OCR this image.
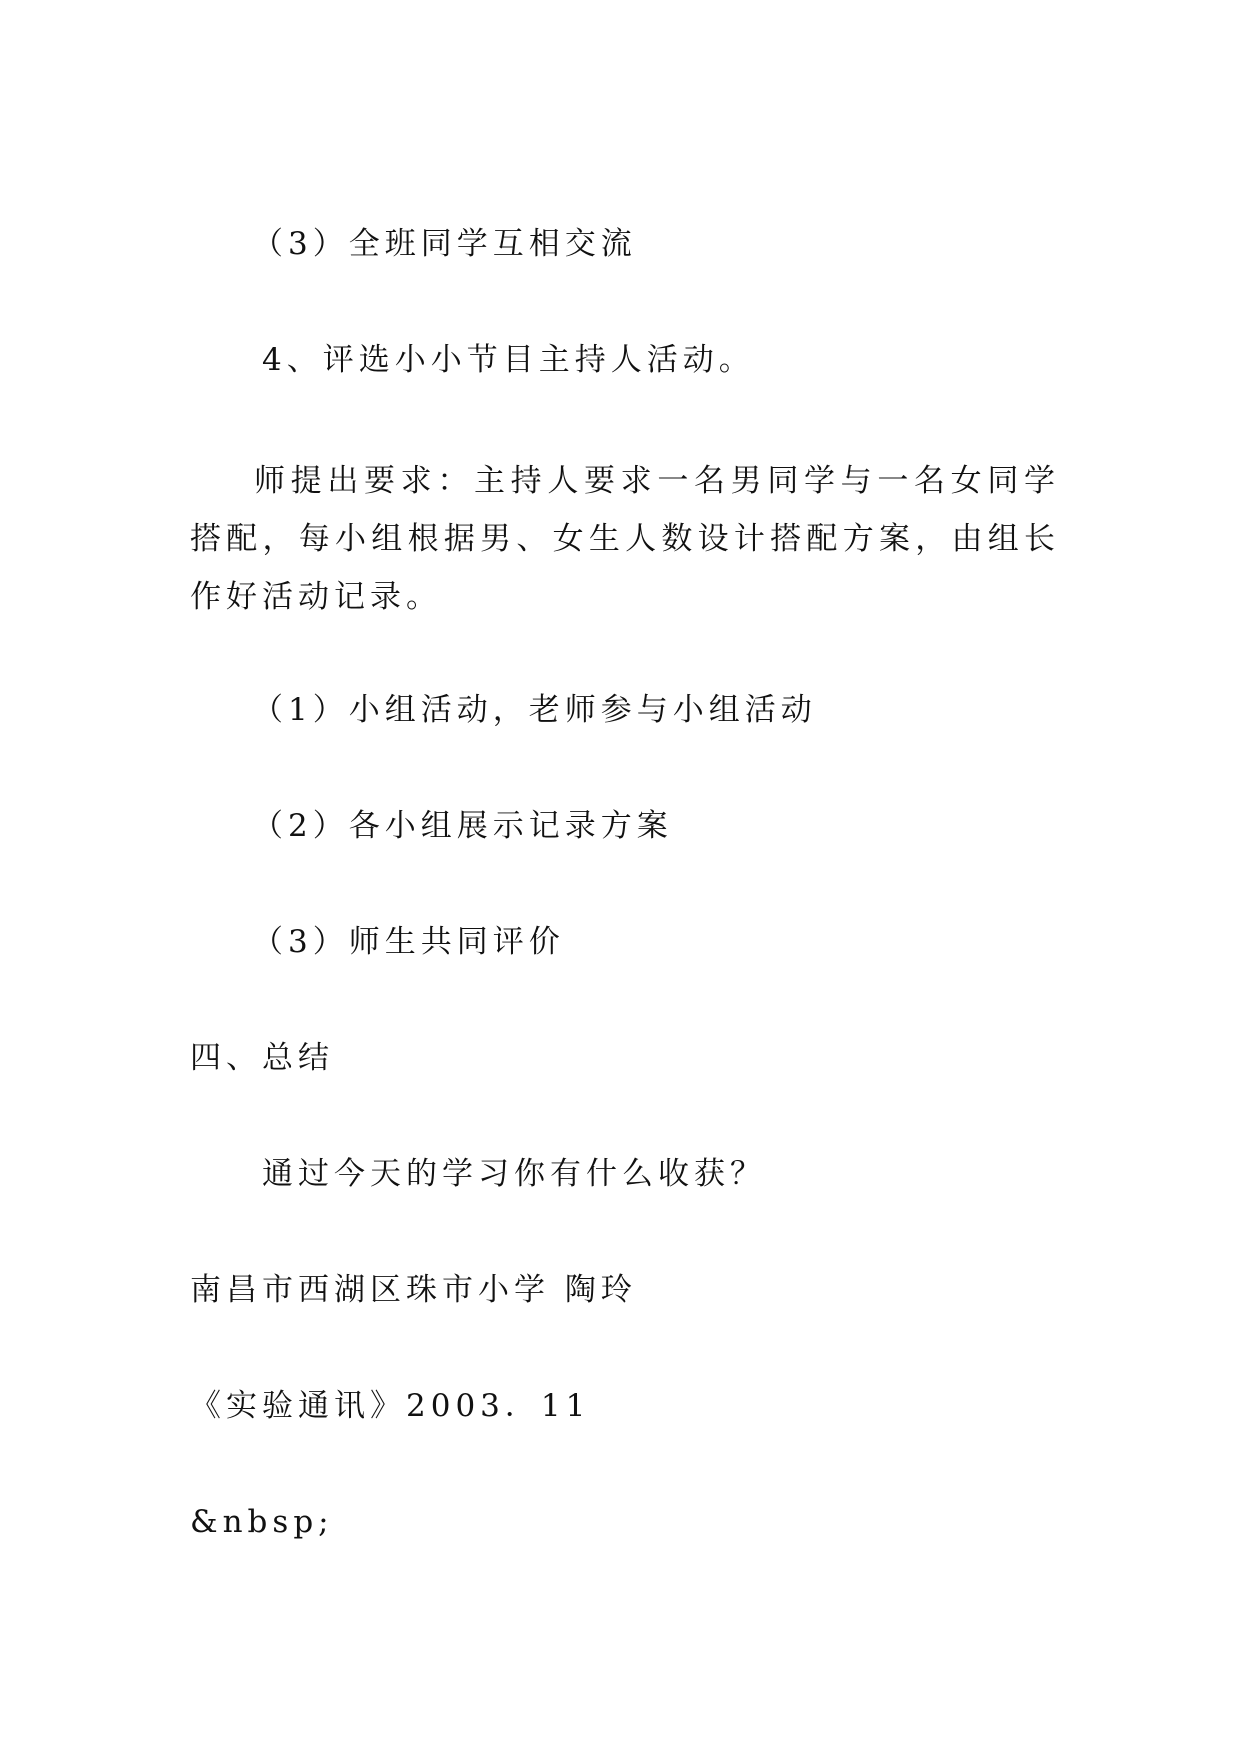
（3）全班同学互相交流
4、评选小小节目主持人活动。
师提出要求：主持人要求一名男同学与一名女同学搭配，每小组根据男、女生人数设计搭配方案，由组长作好活动记录。
（1）小组活动，老师参与小组活动
（2）各小组展示记录方案
（3）师生共同评价
四、总结
通过今天的学习你有什么收获？
南昌市西湖区珠市小学 陶玲
《实验通讯》2003．11
&nbsp;
